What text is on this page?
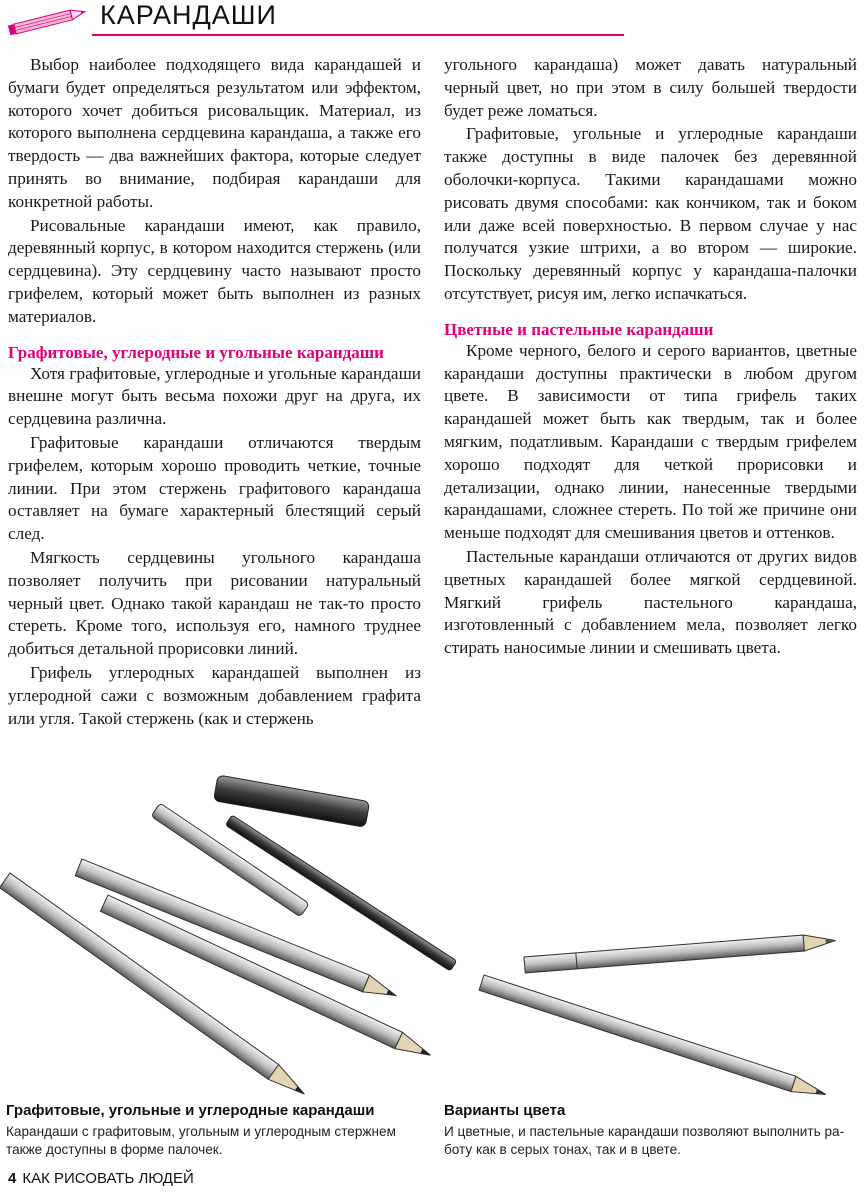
КАРАНДАШИ

Выбор наиболее подходящего вида карандашей и бумаги будет определяться результатом или эффектом, которого хочет добиться рисовальщик. Материал, из которого выполнена сердцевина карандаша, а также его твердость — два важнейших фактора, которые следует принять во внимание, подбирая карандаши для конкретной работы.

Рисовальные карандаши имеют, как правило, деревянный корпус, в котором находится стержень (или сердцевина). Эту сердцевину часто называют просто грифелем, который может быть выполнен из разных материалов.

Графитовые, углеродные и угольные карандаши

Хотя графитовые, углеродные и угольные карандаши внешне могут быть весьма похожи друг на друга, их сердцевина различна.

Графитовые карандаши отличаются твердым грифелем, которым хорошо проводить четкие, точные линии. При этом стержень графитового карандаша оставляет на бумаге характерный блестящий серый след.

Мягкость сердцевины угольного карандаша позволяет получить при рисовании натуральный черный цвет. Однако такой карандаш не так-то просто стереть. Кроме того, используя его, намного труднее добиться детальной прорисовки линий.

Грифель углеродных карандашей выполнен из углеродной сажи с возможным добавлением графита или угля. Такой стержень (как и стержень

угольного карандаша) может давать натуральный черный цвет, но при этом в силу большей твердости будет реже ломаться.

Графитовые, угольные и углеродные карандаши также доступны в виде палочек без деревянной оболочки-корпуса. Такими карандашами можно рисовать двумя способами: как кончиком, так и боком или даже всей поверхностью. В первом случае у нас получатся узкие штрихи, а во втором — широкие. Поскольку деревянный корпус у карандаша-палочки отсутствует, рисуя им, легко испачкаться.

Цветные и пастельные карандаши

Кроме черного, белого и серого вариантов, цветные карандаши доступны практически в любом другом цвете. В зависимости от типа грифель таких карандашей может быть как твердым, так и более мягким, податливым. Карандаши с твердым грифелем хорошо подходят для четкой прорисовки и детализации, однако линии, нанесенные твердыми карандашами, сложнее стереть. По той же причине они меньше подходят для смешивания цветов и оттенков.

Пастельные карандаши отличаются от других видов цветных карандашей более мягкой сердцевиной. Мягкий грифель пастельного карандаша, изготовленный с добавлением мела, позволяет легко стирать наносимые линии и смешивать цвета.

Графитовые, угольные и углеродные карандаши
Карандаши с графитовым, угольным и углеродным стержнем также доступны в форме палочек.
Варианты цвета
И цветные, и пастельные карандаши позволяют выполнить работу как в серых тонах, так и в цвете.
4 КАК РИСОВАТЬ ЛЮДЕЙ
